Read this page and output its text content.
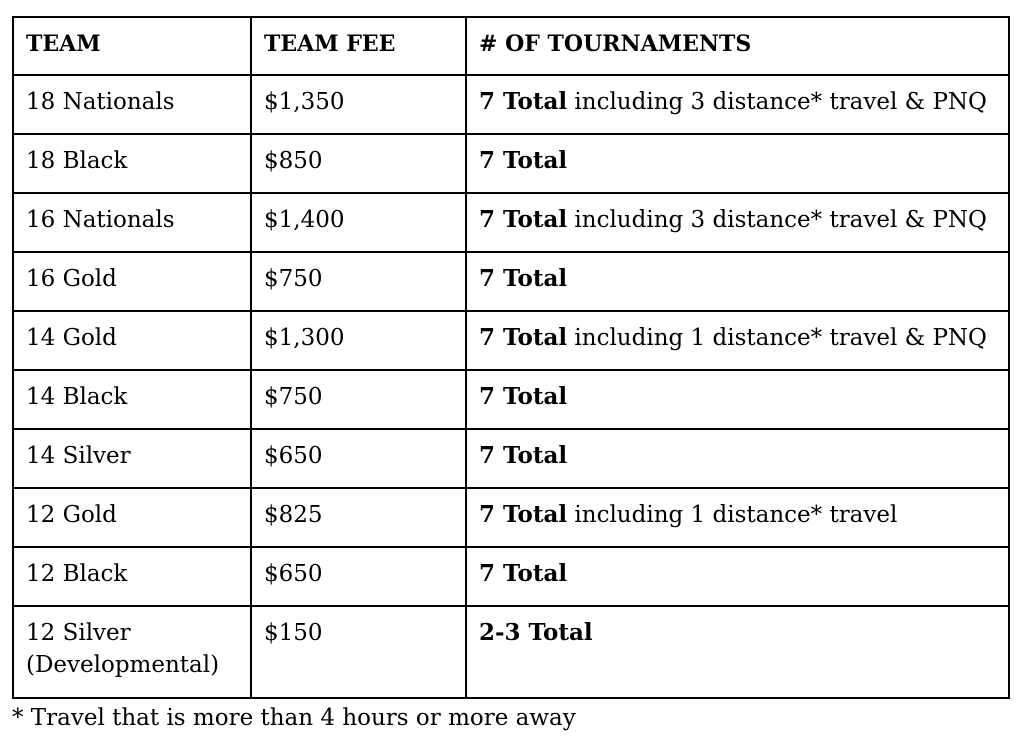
TEAM	TEAM FEE	# OF TOURNAMENTS

18 Nationals	$1,350	7 Total including 3 distance* travel & PNQ

18 Black	$850	7 Total

16 Nationals	$1,400	7 Total including 3 distance* travel & PNQ

16 Gold	$750	7 Total

14 Gold	$1,300	7 Total including 1 distance* travel & PNQ

14 Black	$750	7 Total

14 Silver	$650	7 Total

12 Gold	$825	7 Total including 1 distance* travel

12 Black	$650	7 Total

12 Silver
(Developmental)	$150	2-3 Total
* Travel that is more than 4 hours or more away
